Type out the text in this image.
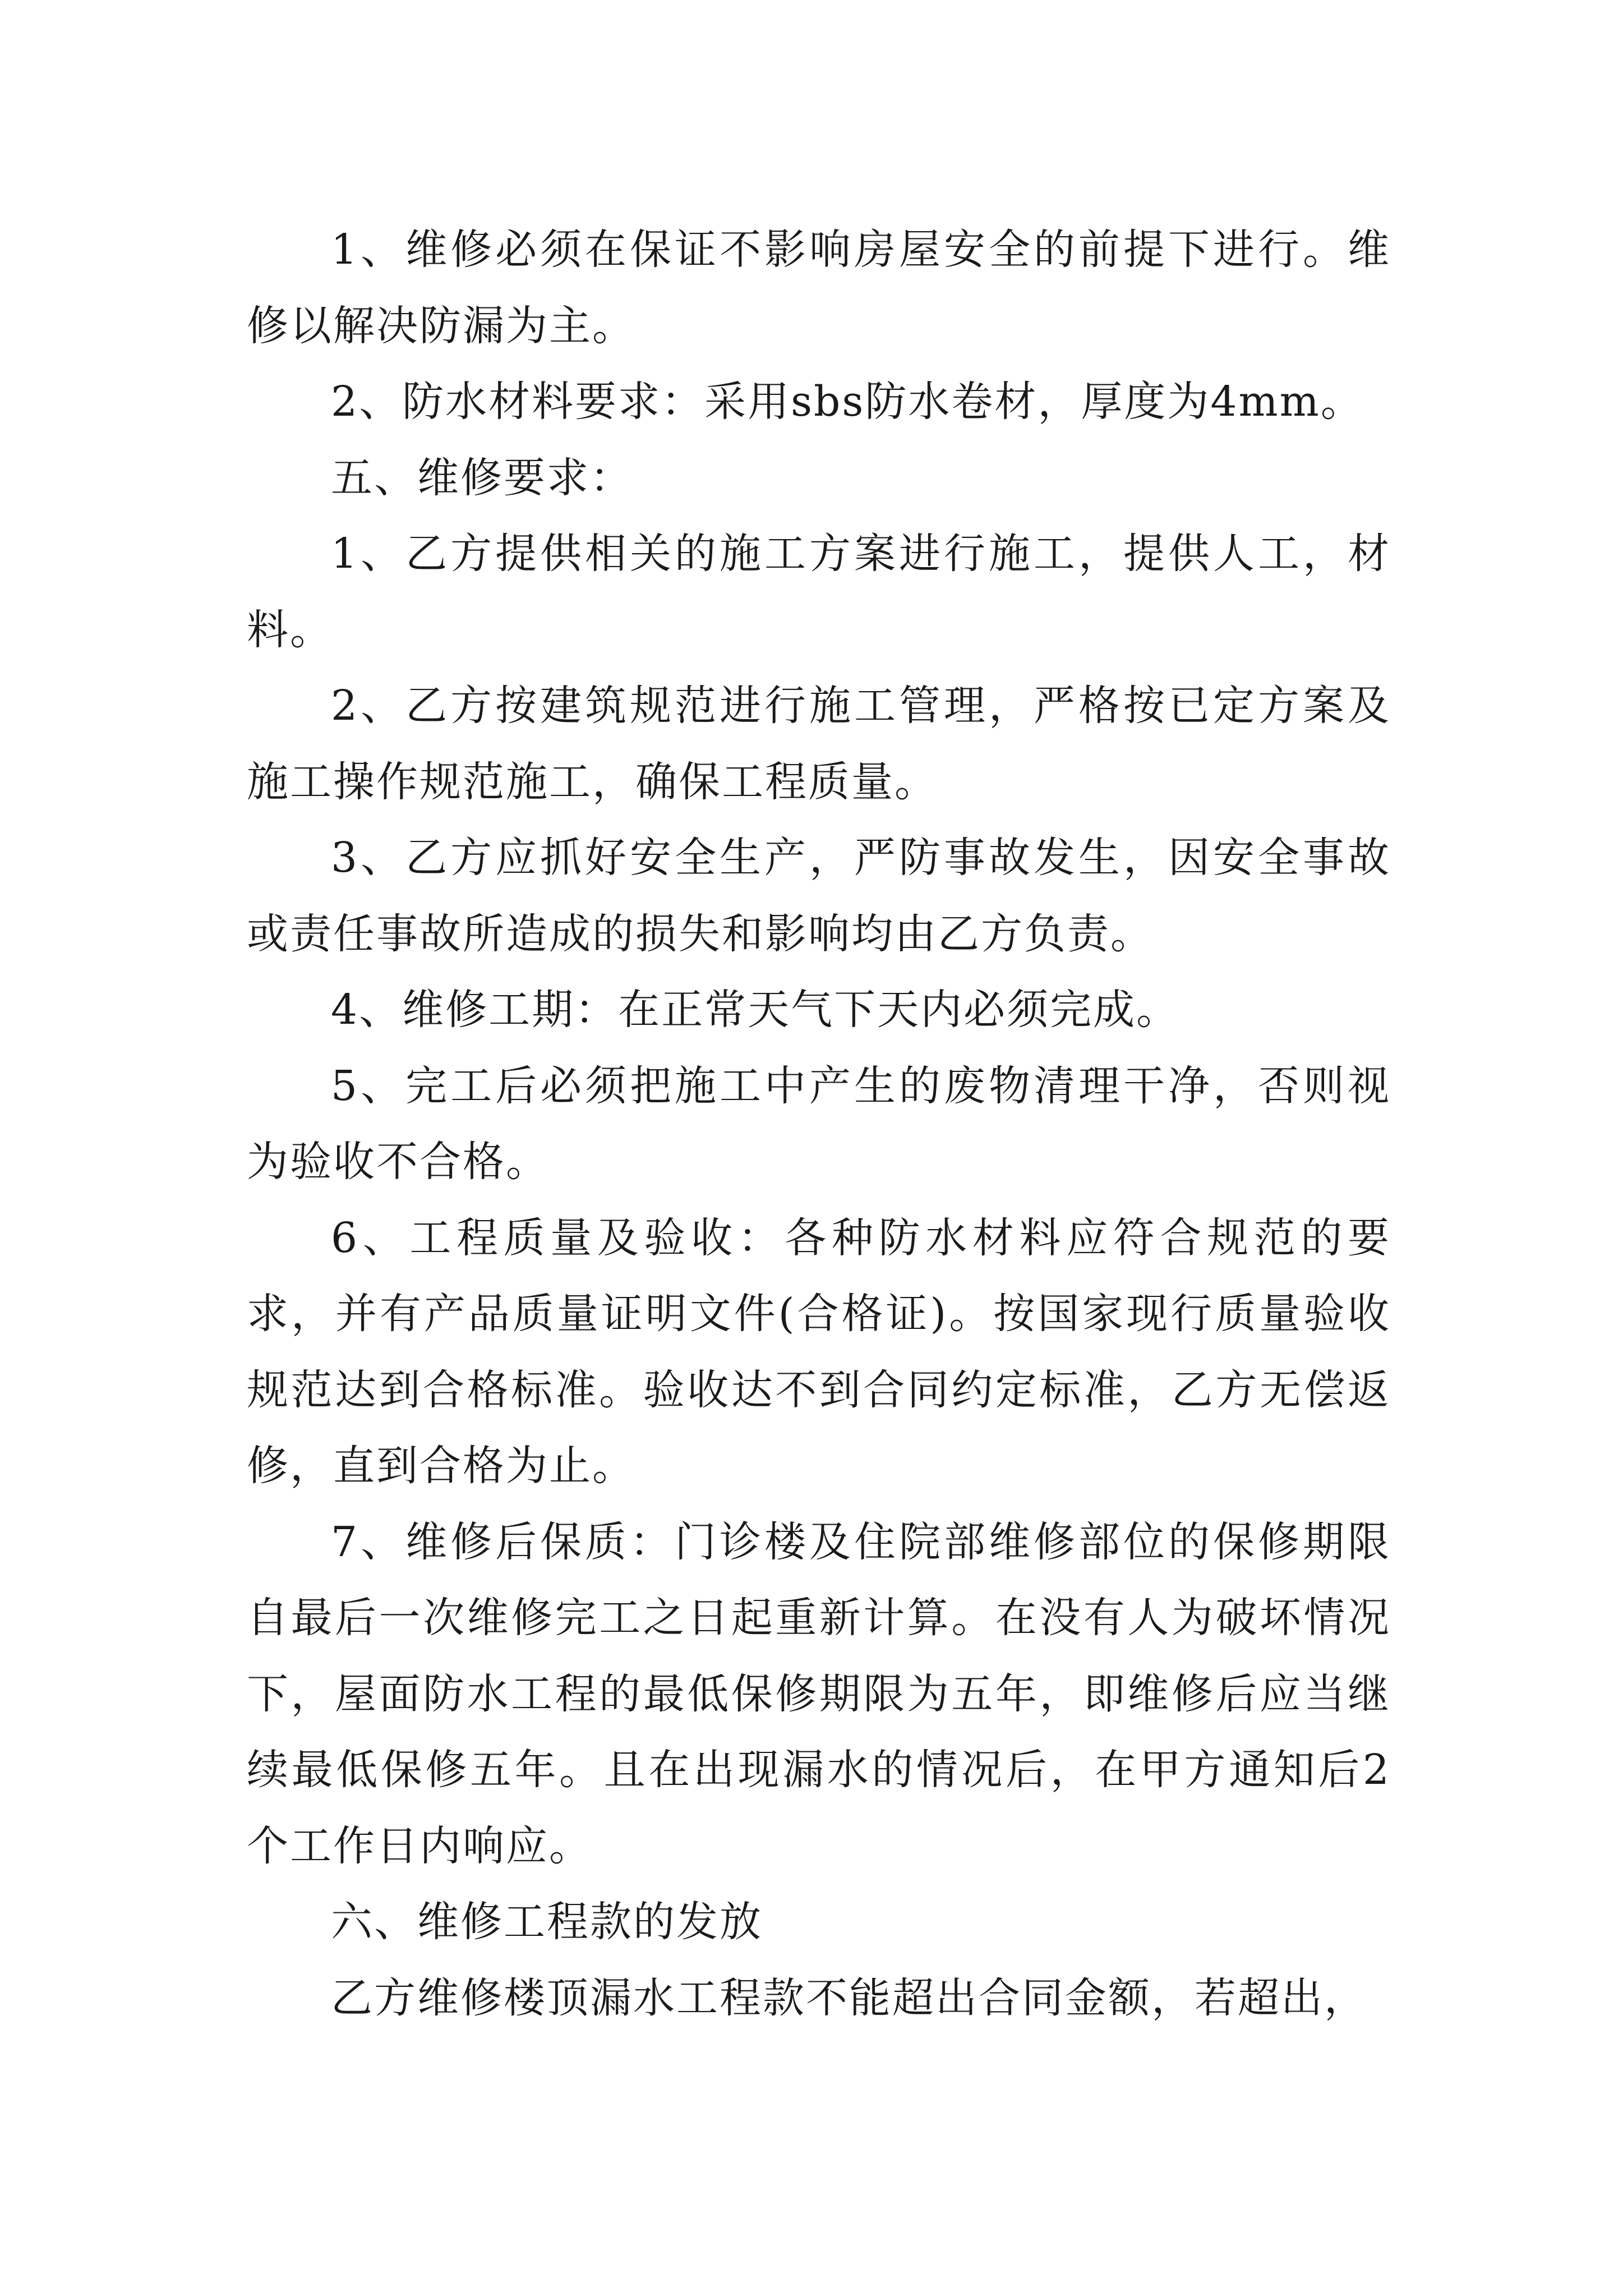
1、维修必须在保证不影响房屋安全的前提下进行。维修以解决防漏为主。

2、防水材料要求：采用sbs防水卷材，厚度为4mm。

五、维修要求：

1、乙方提供相关的施工方案进行施工，提供人工，材料。

2、乙方按建筑规范进行施工管理，严格按已定方案及施工操作规范施工，确保工程质量。

3、乙方应抓好安全生产，严防事故发生，因安全事故或责任事故所造成的损失和影响均由乙方负责。

4、维修工期：在正常天气下天内必须完成。

5、完工后必须把施工中产生的废物清理干净，否则视为验收不合格。

6、工程质量及验收：各种防水材料应符合规范的要求，并有产品质量证明文件(合格证)。按国家现行质量验收规范达到合格标准。验收达不到合同约定标准，乙方无偿返修，直到合格为止。

7、维修后保质：门诊楼及住院部维修部位的保修期限自最后一次维修完工之日起重新计算。在没有人为破坏情况下，屋面防水工程的最低保修期限为五年，即维修后应当继续最低保修五年。且在出现漏水的情况后，在甲方通知后2个工作日内响应。

六、维修工程款的发放

乙方维修楼顶漏水工程款不能超出合同金额，若超出，
